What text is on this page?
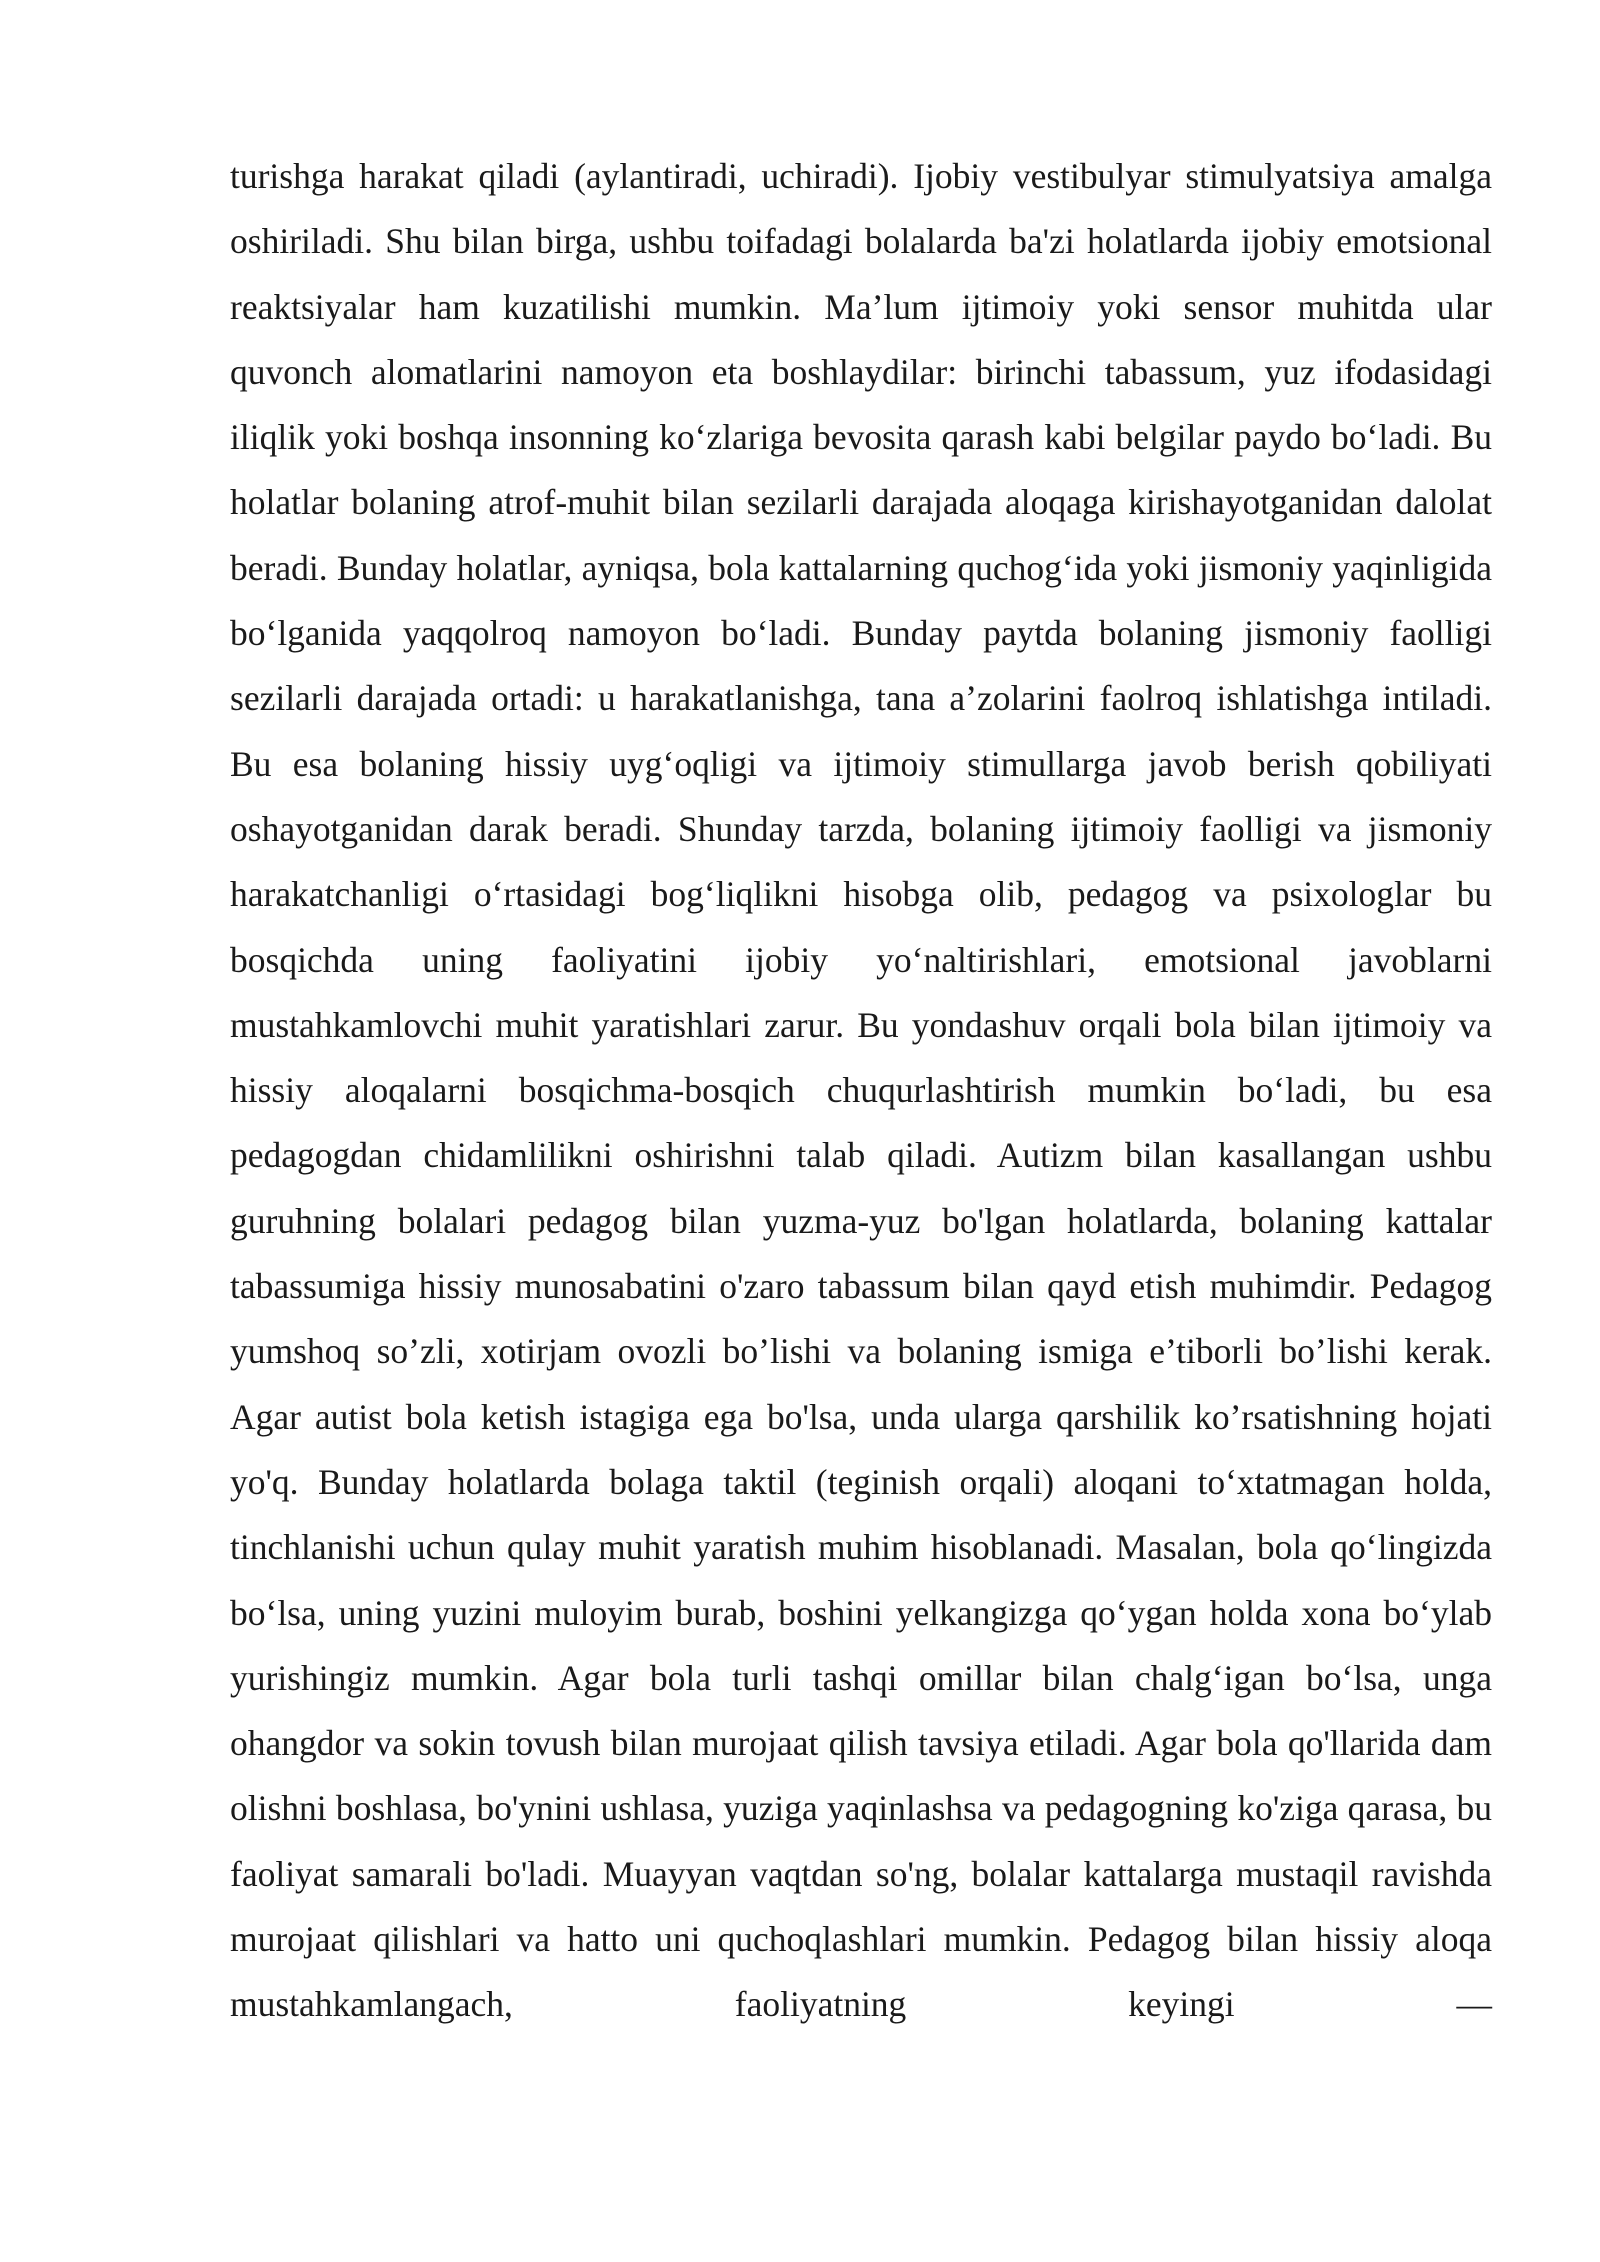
turishga harakat qiladi (aylantiradi, uchiradi). Ijobiy vestibulyar stimulyatsiya amalga oshiriladi. Shu bilan birga, ushbu toifadagi bolalarda ba'zi holatlarda ijobiy emotsional reaktsiyalar ham kuzatilishi mumkin. Ma’lum ijtimoiy yoki sensor muhitda ular quvonch alomatlarini namoyon eta boshlaydilar: birinchi tabassum, yuz ifodasidagi iliqlik yoki boshqa insonning ko‘zlariga bevosita qarash kabi belgilar paydo bo‘ladi. Bu holatlar bolaning atrof-muhit bilan sezilarli darajada aloqaga kirishayotganidan dalolat beradi. Bunday holatlar, ayniqsa, bola kattalarning quchog‘ida yoki jismoniy yaqinligida bo‘lganida yaqqolroq namoyon bo‘ladi. Bunday paytda bolaning jismoniy faolligi sezilarli darajada ortadi: u harakatlanishga, tana a’zolarini faolroq ishlatishga intiladi. Bu esa bolaning hissiy uyg‘oqligi va ijtimoiy stimullarga javob berish qobiliyati oshayotganidan darak beradi. Shunday tarzda, bolaning ijtimoiy faolligi va jismoniy harakatchanligi o‘rtasidagi bog‘liqlikni hisobga olib, pedagog va psixologlar bu bosqichda uning faoliyatini ijobiy yo‘naltirishlari, emotsional javoblarni mustahkamlovchi muhit yaratishlari zarur. Bu yondashuv orqali bola bilan ijtimoiy va hissiy aloqalarni bosqichma-bosqich chuqurlashtirish mumkin bo‘ladi, bu esa pedagogdan chidamlilikni oshirishni talab qiladi. Autizm bilan kasallangan ushbu guruhning bolalari pedagog bilan yuzma-yuz bo'lgan holatlarda, bolaning kattalar tabassumiga hissiy munosabatini o'zaro tabassum bilan qayd etish muhimdir. Pedagog yumshoq so’zli, xotirjam ovozli bo’lishi va bolaning ismiga e’tiborli bo’lishi kerak. Agar autist bola ketish istagiga ega bo'lsa, unda ularga qarshilik ko’rsatishning hojati yo'q. Bunday holatlarda bolaga taktil (teginish orqali) aloqani to‘xtatmagan holda, tinchlanishi uchun qulay muhit yaratish muhim hisoblanadi. Masalan, bola qo‘lingizda bo‘lsa, uning yuzini muloyim burab, boshini yelkangizga qo‘ygan holda xona bo‘ylab yurishingiz mumkin. Agar bola turli tashqi omillar bilan chalg‘igan bo‘lsa, unga ohangdor va sokin tovush bilan murojaat qilish tavsiya etiladi. Agar bola qo'llarida dam olishni boshlasa, bo'ynini ushlasa, yuziga yaqinlashsa va pedagogning ko'ziga qarasa, bu faoliyat samarali bo'ladi. Muayyan vaqtdan so'ng, bolalar kattalarga mustaqil ravishda murojaat qilishlari va hatto uni quchoqlashlari mumkin. Pedagog bilan hissiy aloqa mustahkamlangach, faoliyatning keyingi —
